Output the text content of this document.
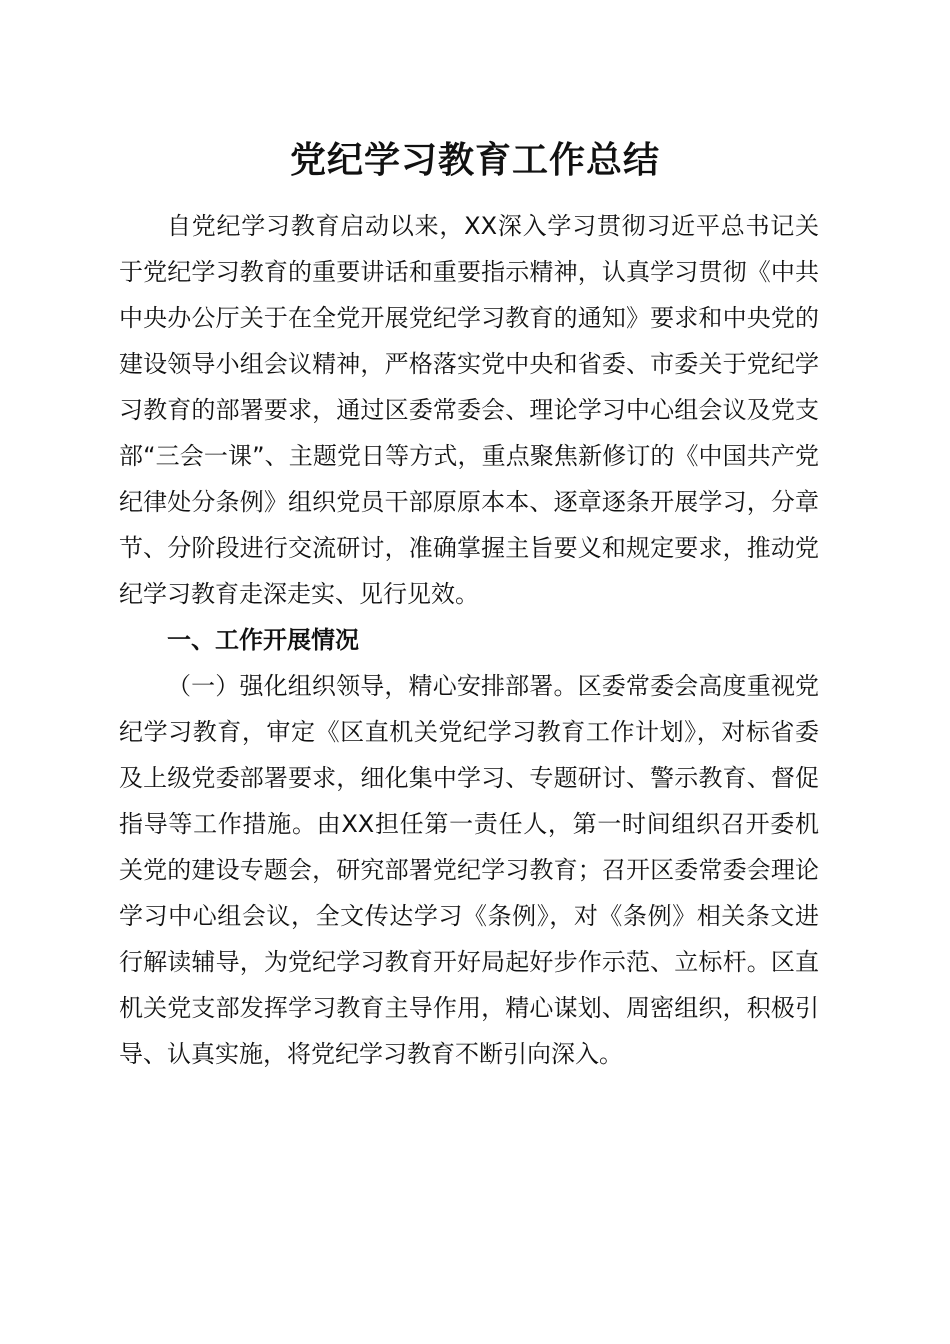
党纪学习教育工作总结

自党纪学习教育启动以来，XX深入学习贯彻习近平总书记关于党纪学习教育的重要讲话和重要指示精神，认真学习贯彻《中共中央办公厅关于在全党开展党纪学习教育的通知》要求和中央党的建设领导小组会议精神，严格落实党中央和省委、市委关于党纪学习教育的部署要求，通过区委常委会、理论学习中心组会议及党支部“三会一课”、主题党日等方式，重点聚焦新修订的《中国共产党纪律处分条例》组织党员干部原原本本、逐章逐条开展学习，分章节、分阶段进行交流研讨，准确掌握主旨要义和规定要求，推动党纪学习教育走深走实、见行见效。

一、工作开展情况

（一）强化组织领导，精心安排部署。区委常委会高度重视党纪学习教育，审定《区直机关党纪学习教育工作计划》，对标省委及上级党委部署要求，细化集中学习、专题研讨、警示教育、督促指导等工作措施。由XX担任第一责任人，第一时间组织召开委机关党的建设专题会，研究部署党纪学习教育；召开区委常委会理论学习中心组会议，全文传达学习《条例》，对《条例》相关条文进行解读辅导，为党纪学习教育开好局起好步作示范、立标杆。区直机关党支部发挥学习教育主导作用，精心谋划、周密组织，积极引导、认真实施，将党纪学习教育不断引向深入。
